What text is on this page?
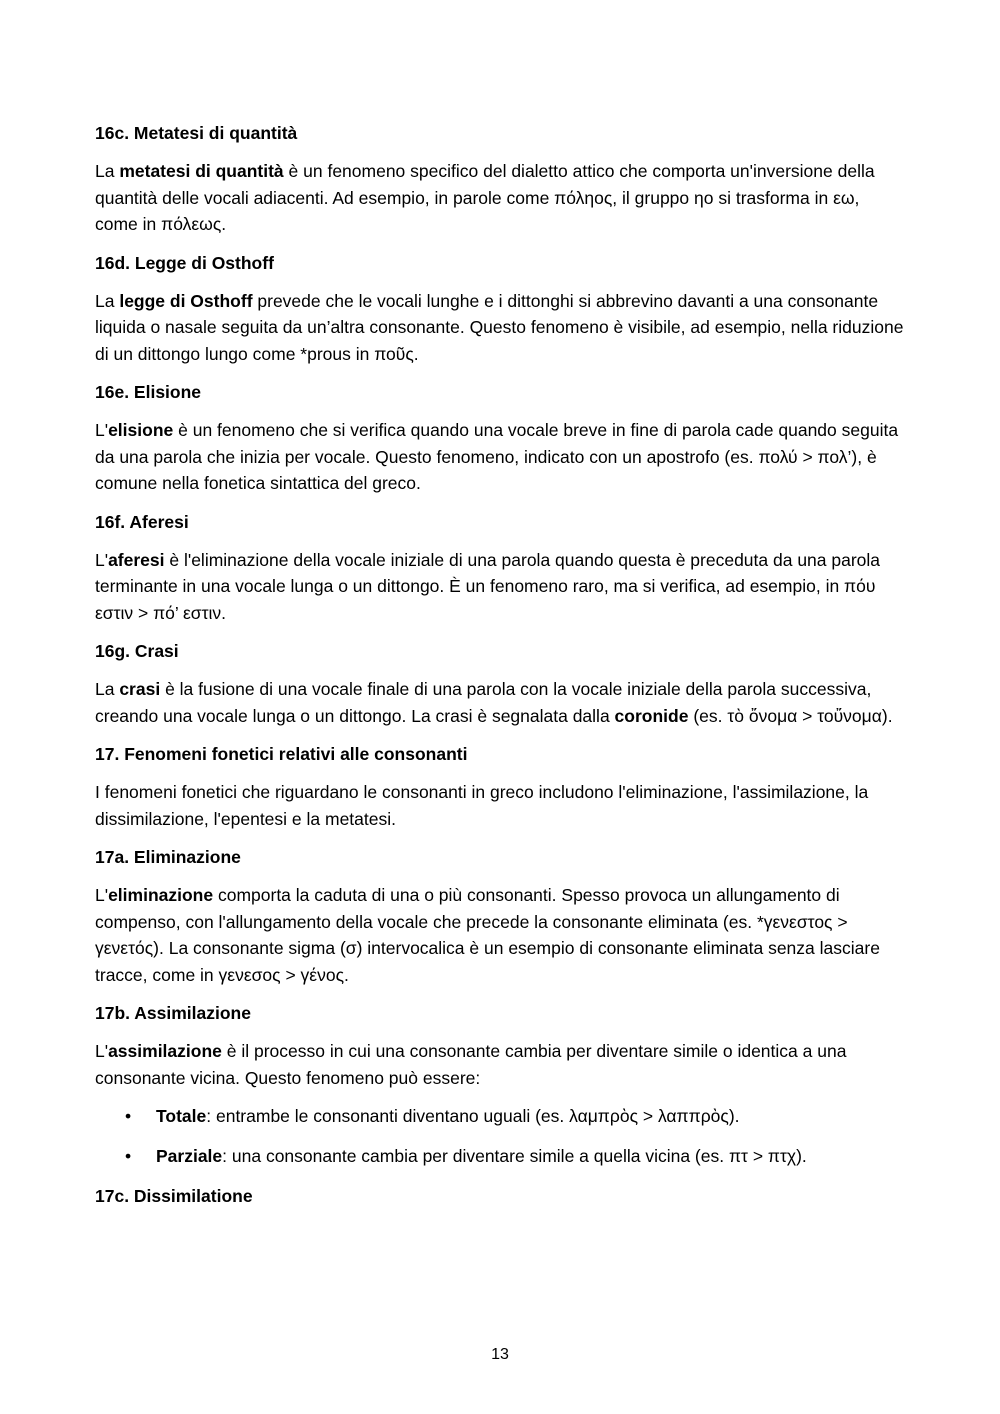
16c. Metatesi di quantità
La metatesi di quantità è un fenomeno specifico del dialetto attico che comporta un'inversione della quantità delle vocali adiacenti. Ad esempio, in parole come πόληος, il gruppo ηο si trasforma in εω, come in πόλεως.
16d. Legge di Osthoff
La legge di Osthoff prevede che le vocali lunghe e i dittonghi si abbrevino davanti a una consonante liquida o nasale seguita da un’altra consonante. Questo fenomeno è visibile, ad esempio, nella riduzione di un dittongo lungo come *prous in ποῦς.
16e. Elisione
L'elisione è un fenomeno che si verifica quando una vocale breve in fine di parola cade quando seguita da una parola che inizia per vocale. Questo fenomeno, indicato con un apostrofo (es. πολύ > πολ’), è comune nella fonetica sintattica del greco.
16f. Aferesi
L'aferesi è l'eliminazione della vocale iniziale di una parola quando questa è preceduta da una parola terminante in una vocale lunga o un dittongo. È un fenomeno raro, ma si verifica, ad esempio, in πόυ εστιν > πό’ εστιν.
16g. Crasi
La crasi è la fusione di una vocale finale di una parola con la vocale iniziale della parola successiva, creando una vocale lunga o un dittongo. La crasi è segnalata dalla coronide (es. τὸ ὄνομα > τοὔνομα).
17. Fenomeni fonetici relativi alle consonanti
I fenomeni fonetici che riguardano le consonanti in greco includono l'eliminazione, l'assimilazione, la dissimilazione, l'epentesi e la metatesi.
17a. Eliminazione
L'eliminazione comporta la caduta di una o più consonanti. Spesso provoca un allungamento di compenso, con l'allungamento della vocale che precede la consonante eliminata (es. *γενεστος > γενετός). La consonante sigma (σ) intervocalica è un esempio di consonante eliminata senza lasciare tracce, come in γενεσος > γένος.
17b. Assimilazione
L'assimilazione è il processo in cui una consonante cambia per diventare simile o identica a una consonante vicina. Questo fenomeno può essere:
• Totale: entrambe le consonanti diventano uguali (es. λαμπρὸς > λαππρὸς).
• Parziale: una consonante cambia per diventare simile a quella vicina (es. πτ > πτχ).
17c. Dissimilatione
13
